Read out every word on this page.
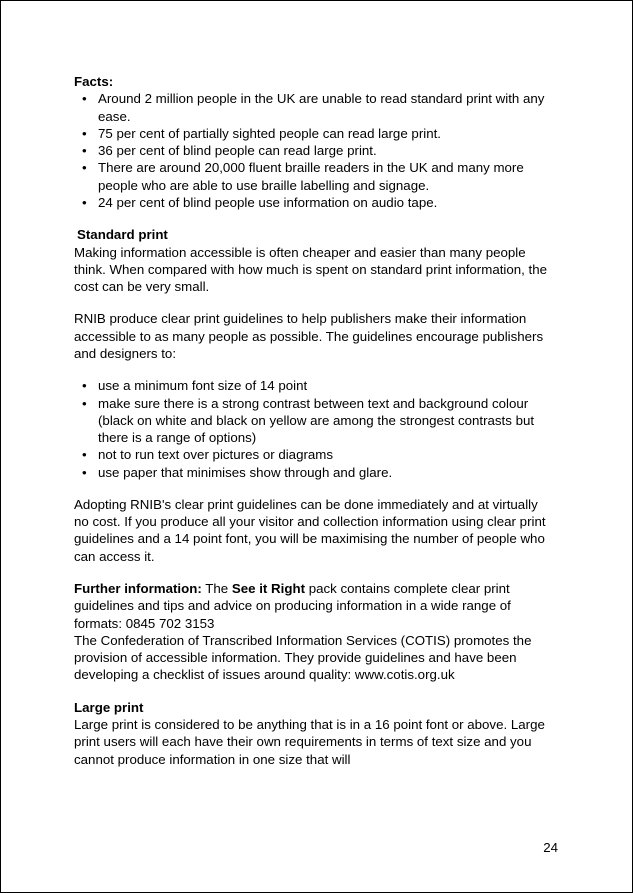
Facts:
• Around 2 million people in the UK are unable to read standard print with any ease.
• 75 per cent of partially sighted people can read large print.
• 36 per cent of blind people can read large print.
• There are around 20,000 fluent braille readers in the UK and many more people who are able to use braille labelling and signage.
• 24 per cent of blind people use information on audio tape.
Standard print

Making information accessible is often cheaper and easier than many people think. When compared with how much is spent on standard print information, the cost can be very small.

RNIB produce clear print guidelines to help publishers make their information accessible to as many people as possible. The guidelines encourage publishers and designers to:

• use a minimum font size of 14 point
• make sure there is a strong contrast between text and background colour (black on white and black on yellow are among the strongest contrasts but there is a range of options)
• not to run text over pictures or diagrams
• use paper that minimises show through and glare.

Adopting RNIB's clear print guidelines can be done immediately and at virtually no cost. If you produce all your visitor and collection information using clear print guidelines and a 14 point font, you will be maximising the number of people who can access it.

Further information: The See it Right pack contains complete clear print guidelines and tips and advice on producing information in a wide range of formats: 0845 702 3153

The Confederation of Transcribed Information Services (COTIS) promotes the provision of accessible information. They provide guidelines and have been developing a checklist of issues around quality: www.cotis.org.uk

Large print

Large print is considered to be anything that is in a 16 point font or above. Large print users will each have their own requirements in terms of text size and you cannot produce information in one size that will

24
